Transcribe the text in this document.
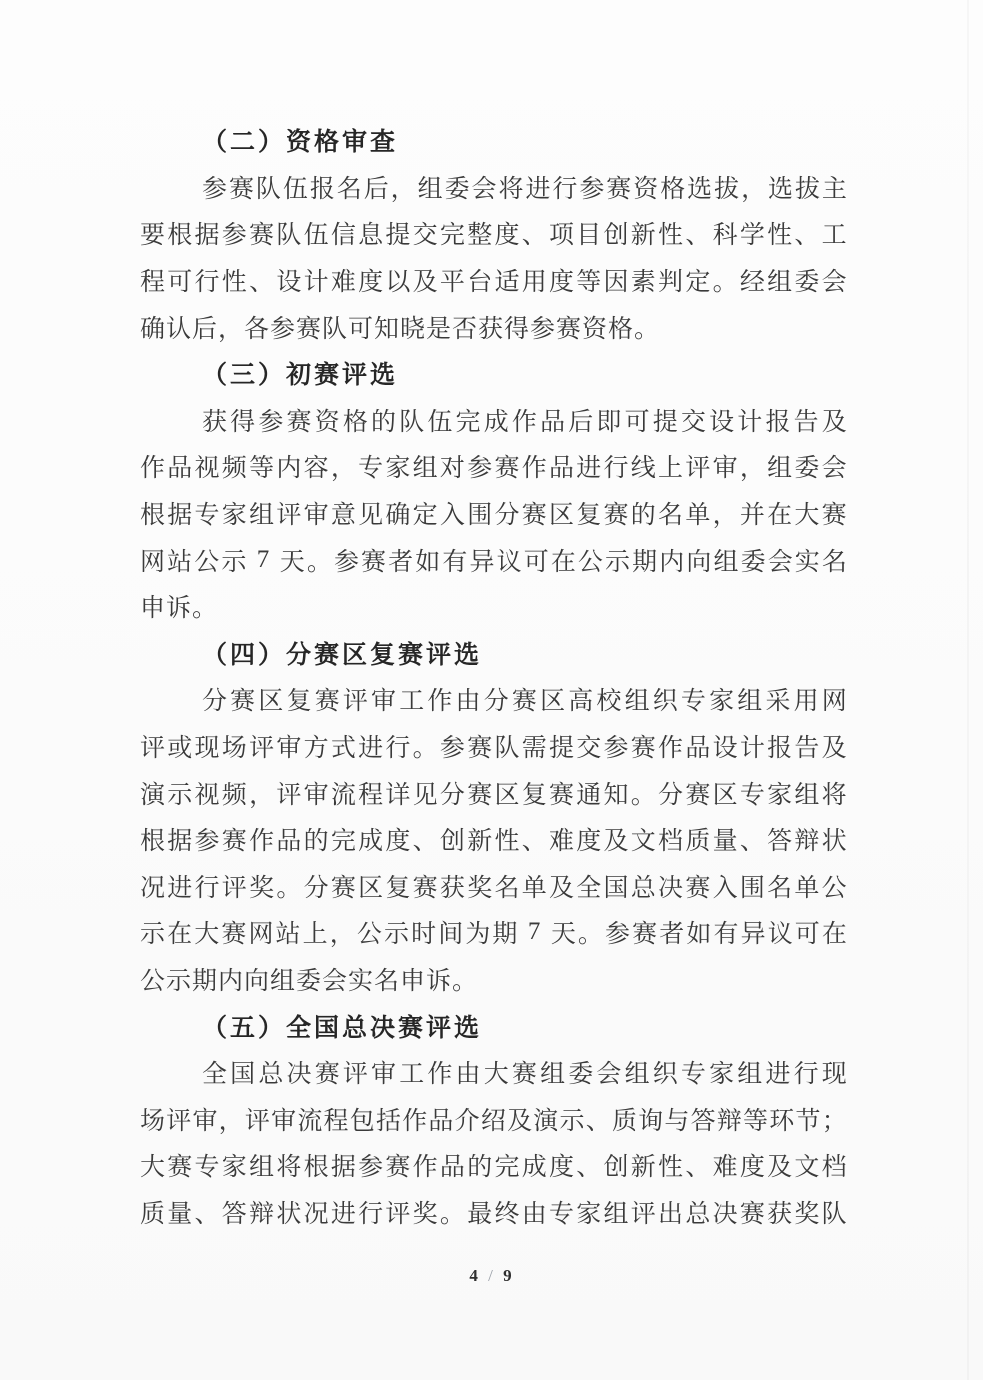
（二）资格审查
参 赛 队 伍 报 名 后 ， 组 委 会 将 进 行 参 赛 资 格 选 拔 ， 选 拔 主
要 根 据 参 赛 队 伍 信 息 提 交 完 整 度 、 项 目 创 新 性 、 科 学 性 、 工
程 可 行 性 、 设 计 难 度 以 及 平 台 适 用 度 等 因 素 判 定 。 经 组 委 会
确认后，各参赛队可知晓是否获得参赛资格。
（三）初赛评选
获 得 参 赛 资 格 的 队 伍 完 成 作 品 后 即 可 提 交 设 计 报 告 及
作 品 视 频 等 内 容 ， 专 家 组 对 参 赛 作 品 进 行 线 上 评 审 ， 组 委 会
根 据 专 家 组 评 审 意 见 确 定 入 围 分 赛 区 复 赛 的 名 单 ， 并 在 大 赛
网 站 公 示
7
天 。 参 赛 者 如 有 异 议 可 在 公 示 期 内 向 组 委 会 实 名
申诉。
（四）分赛区复赛评选
分 赛 区 复 赛 评 审 工 作 由 分 赛 区 高 校 组 织 专 家 组 采 用 网
评 或 现 场 评 审 方 式 进 行 。 参 赛 队 需 提 交 参 赛 作 品 设 计 报 告 及
演 示 视 频 ， 评 审 流 程 详 见 分 赛 区 复 赛 通 知 。 分 赛 区 专 家 组 将
根 据 参 赛 作 品 的 完 成 度 、 创 新 性 、 难 度 及 文 档 质 量 、 答 辩 状
况 进 行 评 奖 。 分 赛 区 复 赛 获 奖 名 单 及 全 国 总 决 赛 入 围 名 单 公
示 在 大 赛 网 站 上 ， 公 示 时 间 为 期
7
天 。 参 赛 者 如 有 异 议 可 在
公示期内向组委会实名申诉。
（五）全国总决赛评选
全 国 总 决 赛 评 审 工 作 由 大 赛 组 委 会 组 织 专 家 组 进 行 现
场 评 审 ， 评 审 流 程 包 括 作 品 介 绍 及 演 示 、 质 询 与 答 辩 等 环 节 ；
大 赛 专 家 组 将 根 据 参 赛 作 品 的 完 成 度 、 创 新 性 、 难 度 及 文 档
质 量 、 答 辩 状 况 进 行 评 奖 。 最 终 由 专 家 组 评 出 总 决 赛 获 奖 队
4 / 9
